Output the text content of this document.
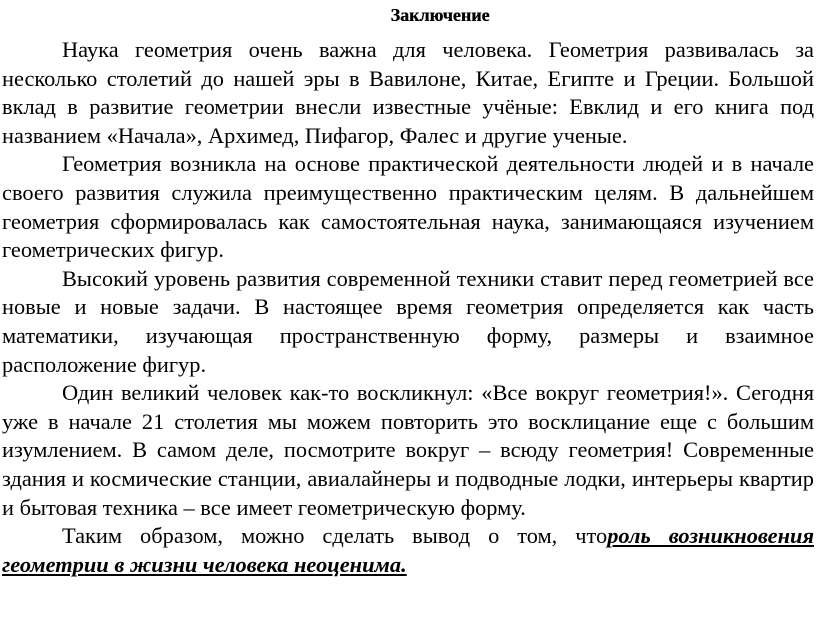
Заключение

Наука геометрия очень важна для человека. Геометрия развивалась за несколько столетий до нашей эры в Вавилоне, Китае, Египте и Греции. Большой вклад в развитие геометрии внесли известные учёные: Евклид и его книга под названием «Начала», Архимед, Пифагор, Фалес и другие ученые.

Геометрия возникла на основе практической деятельности людей и в начале своего развития служила преимущественно практическим целям. В дальнейшем геометрия сформировалась как самостоятельная наука, занимающаяся изучением геометрических фигур.

Высокий уровень развития современной техники ставит перед геометрией все новые и новые задачи. В настоящее время геометрия определяется как часть математики, изучающая пространственную форму, размеры и взаимное расположение фигур.

Один великий человек как-то воскликнул: «Все вокруг геометрия!». Сегодня уже в начале 21 столетия мы можем повторить это восклицание еще с большим изумлением. В самом деле, посмотрите вокруг – всюду геометрия! Современные здания и космические станции, авиалайнеры и подводные лодки, интерьеры квартир и бытовая техника – все имеет геометрическую форму.

Таким образом, можно сделать вывод о том, чтороль возникновения геометрии в жизни человека неоценима.
